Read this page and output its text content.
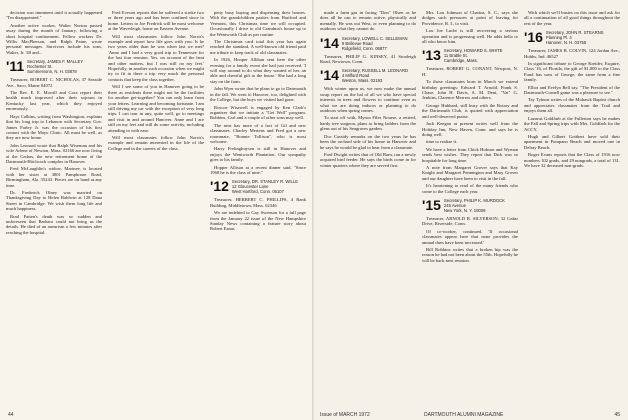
decision was imminent until it actually happened "I'm disappointed."

Another active worker, Walter Norton passed away during the month of January, following a short hospital confinement. Fellow workers Dr. Willis MacPherson, and Ralph Paine, wrote personal messages. Survivors include his sons, Walter, Jr. '40 and...

'11 Secretary, JAMES F. MALLEY
Rochester St.
Summervonn, N. H. 03878

Treasurer, ROBERT C. NICHOLAS, 37 Seaside Ave., Saco, Maine 04072

The Rev. E. E. Morrill and Cora report their health much improved after their sojourn in Kentucky last year, which they enjoyed enormously.

Hays Calkins, writing from Washington, explains that his long trip to Lebanon with Secretary Gov. James Farley Jr. was the occasion of his first contact with the Mayo Clinic. All must be well, as they are now home.

John Leonard wrote that Ralph Wiseman and his wife Arlene of Newton, Mass. 02160 are now living at the Cedars, the new retirement home of the Dartmouth-Hitchcock complex in Hanover.

Fred McLaughlin's widow, Marinee, is located with her sister at 3801 Pamphrone Road, Birmingham, Ala. 35243. Pieces are on hand at any time.

Dr. Frederick Olney was married on Thanksgiving Day to Helen Baldwin at 128 Dana Street in Cambridge. We wish them long life and much happiness.

Brad Patten's death was so sudden and unforeseen that Barbara could not bring us the details. He died of an aneurism a few minutes after reaching the hospital.

Fred Eveson reports that he suffered a stroke two or three years ago and has been confined since to home. Letters to Joe Fredrick will be most welcome at the Waverleigh, home on Eastern Avenue.

Will most classmates follow John Norris's example and report how life goes with you. Is he two years older than he was when last we met? 'Anno and I had a very good trip to Tennessee for the last four reunion. Yes, on account of the heat and other matters, but I was still on my feet.' Hopefully, in another such occasion when we might try to fit in there a trip very much the personal contacts that keep the class together.

Will I see some of you in Hanover going to be there as residents there might not be the facilities for another get-together? You can only learn from your letters. Learning and becoming fortunate. I am still driving my car with the exception of very long trips. I can tour in any, quite well, go to meetings and visit in and around Hanover. Anne and I are still on my feet and still do some activity, including attending in with ease.

Will most classmates follow John Norris's example and remain interested in the life of the College and in the careers of the class.

petty busy buying and dispensing their houses. With the grandchildren parties from Hartford and Vermont, this Christmas time we will occupied. Occasionally I drive to old Grandma's house up to the Wentworth Club as per routine.

The Christmas card total this year has again reached the standard. A well-known old friend paid me tribute to keep track of old classmates.

In 1926, Hooper Alliban sent here the other evening for a family event she had just received. 'I will stay around to do what they wanted of her, an able and cheerful gift to the house.' She had a long stay on the farm.

John Wyer wrote that he plans to go to Dartmouth in the fall. We went to Hanover, too, delighted with the College, but the boys we visited had gone.

Roscoe Wisewell is engaged by Ken Clark's organizer that we initiate a "Get Well" program. Robbins, Carl and a couple of other sons may well.

The next has more of a fact of Gil and new classmates. Charley Mertens and Fred got a new roommate, "Bonnie Tollison", who is most welcome.

Harry Frelinghuysen is still in Hanover and enjoys the Wentworth Plantation. Our sympathy goes to his family.

Hopper Allison at a recent dinner said, "Since 1968 he is the class of nine."

'12 Secretary, DR. STANLEY R. WILLE
12 Gloucester Lane
West Hartford, Conn. 06107

Treasurer, HERBERT C. PHILLIPS, 4 Bank Building, Middletown, Mass. 02346

We are indebted to Gay Swenson for a full page from the January 22 issue of the New Hampshire Sunday News containing a feature story about Robert Eaton.

44

made a farm gas in facing "Don" Olsen as he does all he can to remain active, physically and mentally. He was out West, or even planning to do outdoors what they cannot do.

'14 Secretary, LOWELL C. SELLEMAN
9 Bellevue Road
Ridgefield, Conn. 06877

Treasurer, PHILIP G. KINSEY, 41 Stonleigh Road, Newtown, Conn.

'14 Secretary, RUSSELL M. LEONARD
4 Milford Road
Weston, Mass. 02193

With winter upon us, we now make the annual swap report on the bal of all we who have special interests in trees and flowers to continue even as what we are doing indoors or planning to do outdoors when spring comes.

To start off with, Myron Files Nourse, a retired, hardy tree surgeon, plans to bring ladders from the glens out of his Seagraves garden.

Doc Cassidy remarks on the two years he has been the orchard side of his home in Hanover and he says he would be glad to hear from a classmate.

Fred Dwight writes that of Old Barn, ran a newly acquired bird feeder. He says the birds come in for winter quarters where they are served first.

Mrs. Lou Johnson of Chattoa, S. C., says she dodges such pressures at point of leaving for Providence, R. I., to visit.

Lou Joe Lucht is still recovering a serious operation and is progressing well. He adds hello to all who know him.

'13 Secretary, HOWARD S. WHITE
11 Brattle St.
Cambridge, Mass.

Treasurer, ROBERT G. CONANT, Newport, N. H.

To those classmates born in March we extend birthday greetings: Edward T. Arnold, Frank S. Chase, John H. Davis, A. M. Dent, "Vat" G. Jenkins, Clarence Merrow and others.

George Hubbard, still busy with the Rotary and the Dartmouth Club, is quoted with appreciation and well-deserved praise.

Jack Keegan at present writes well from the Holiday Inn, New Haven, Conn. and says he is doing well.

time to realize it.

We have a letter from Chick Hobson and Wyman sends best wishes. They report that Dick was so hospitable for long time.

A note from Margaret Grover says that Kay Knight and Margaret Pennington and Mary Grover and our daughter have been to visit in the fall.

It's heartening to read of the many friends who come to the College each year.

'15 Secretary, PHILIP K. MURDOCK
245 Avenue
New York, N. Y. 10009

Treasurer, ARNOLD R. SILVERSON, 32 Cedar Drive, Riverside, Conn.

Of co-worker, continued. 'If occasional classmates appear here that none provides the annual dues have been increased.'

Bill Robbins writes that a broken hip was the reason he had not been about the 55th. Hopefully he will be back next reunion.

With which we'll busies on this issue and ask for all a continuation of all good things throughout the rest of the year.

'16 Secretary, JOHN R. STEARNS
Planning Pl. 4
Hanover, N. H. 03755

Treasurer, JAMES R. COLVIN, 124 Jordan Ave., Hobbs, Ind. 46527

In significant tribute to George Kreider, Esquire, Class '16, of Florida, the gift of $1,000 to the Class Fund has sons of George, the same from a fine family.

Elliot and Evelyn Bell say, "The President of the Dartmouth-Cornell game was a pleasure to see."

Tay Tyburn writes of the Mohawk Baptist church and appreciates classmates from the Trail and enjoys them all.

Lazarus Goldfarb at the Fullerton says he makes the Fall and Spring trips with Mrs. Goldfarb for the ACCY.

Hugh and Gilbert Gottbert have sold their apartment in Pompano Beach and moved one in Delray Beach.

Roger Evans reports that the Class of 1916 now numbers 102 grads, and 29 nongrads, a total of 131. We have 32 deceased non-grads.

Issue of MARCH 1972	DARTMOUTH ALUMNI MAGAZINE	45
